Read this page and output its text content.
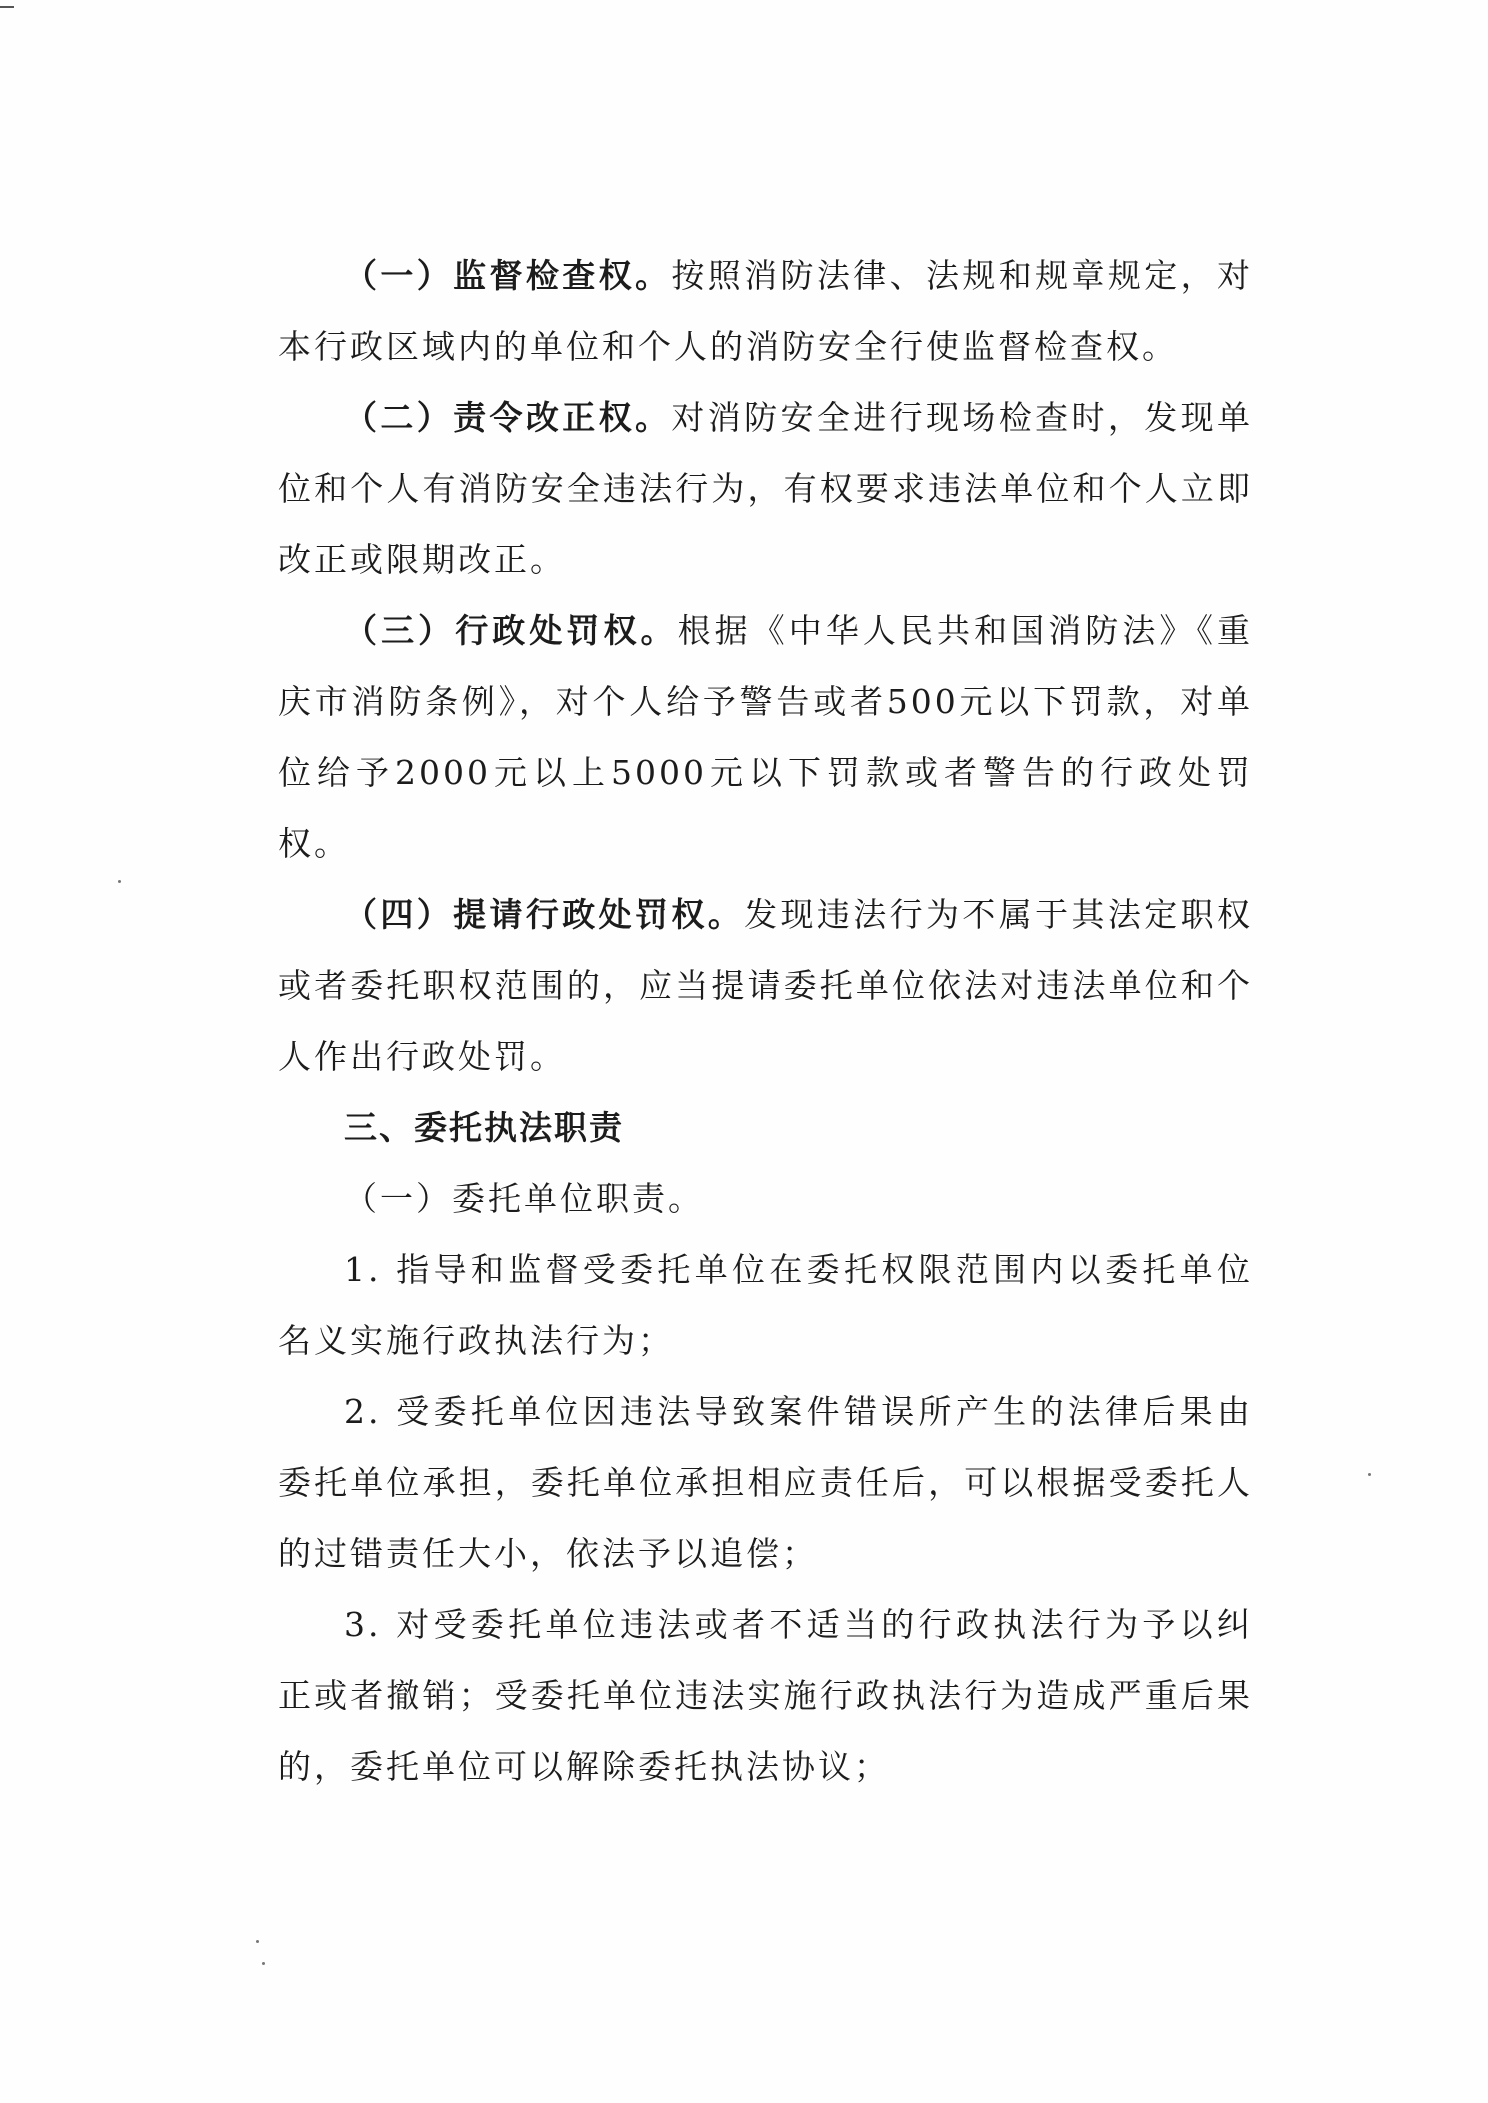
（一）监督检查权。按照消防法律、法规和规章规定，对本行政区域内的单位和个人的消防安全行使监督检查权。

（二）责令改正权。对消防安全进行现场检查时，发现单位和个人有消防安全违法行为，有权要求违法单位和个人立即改正或限期改正。

（三）行政处罚权。根据《中华人民共和国消防法》《重庆市消防条例》，对个人给予警告或者500元以下罚款，对单位给予2000元以上5000元以下罚款或者警告的行政处罚权。

（四）提请行政处罚权。发现违法行为不属于其法定职权或者委托职权范围的，应当提请委托单位依法对违法单位和个人作出行政处罚。

三、委托执法职责

（一）委托单位职责。

1. 指导和监督受委托单位在委托权限范围内以委托单位名义实施行政执法行为；

2. 受委托单位因违法导致案件错误所产生的法律后果由委托单位承担，委托单位承担相应责任后，可以根据受委托人的过错责任大小，依法予以追偿；

3. 对受委托单位违法或者不适当的行政执法行为予以纠正或者撤销；受委托单位违法实施行政执法行为造成严重后果的，委托单位可以解除委托执法协议；
